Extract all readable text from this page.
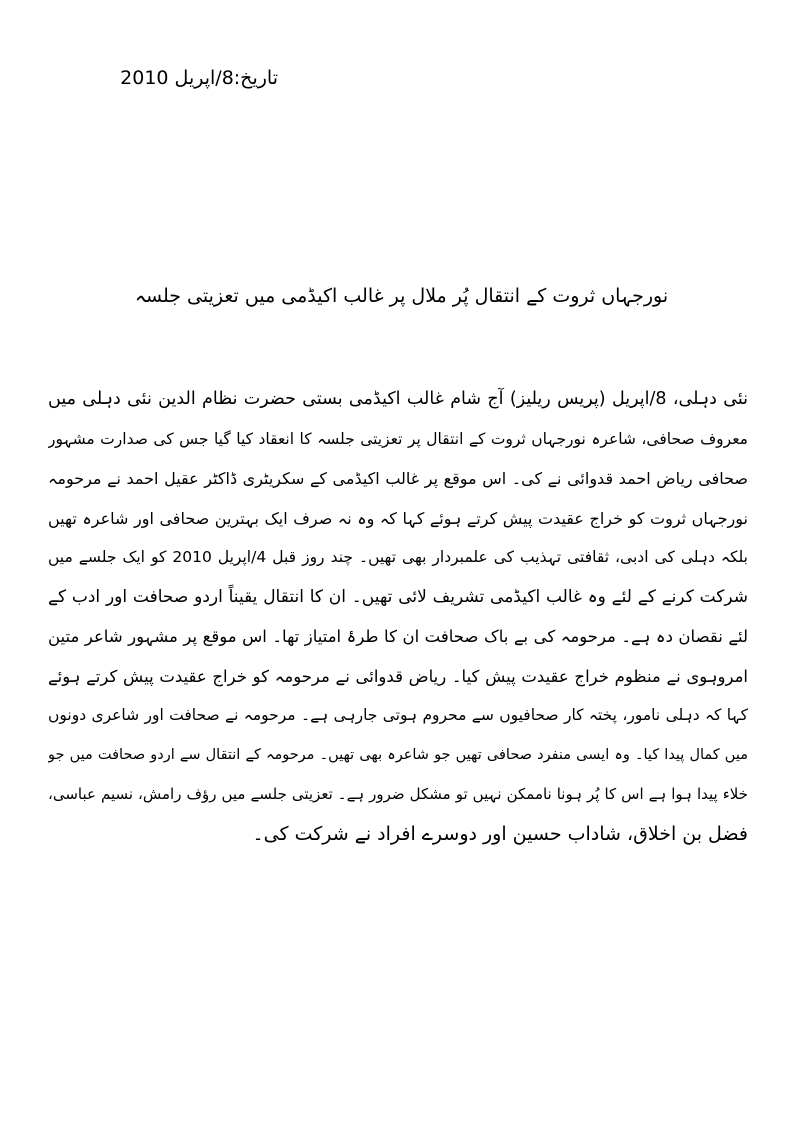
تاریخ:8/اپریل 2010
نورجہاں ثروت کے انتقال پُر ملال پر غالب اکیڈمی میں تعزیتی جلسہ
نئی دہلی، 8/اپریل (پریس ریلیز) آج شام غالب اکیڈمی بستی حضرت نظام الدین نئی دہلی میں
معروف صحافی، شاعرہ نورجہاں ثروت کے انتقال پر تعزیتی جلسہ کا انعقاد کیا گیا جس کی صدارت مشہور
صحافی ریاض احمد قدوائی نے کی۔ اس موقع پر غالب اکیڈمی کے سکریٹری ڈاکٹر عقیل احمد نے مرحومہ
نورجہاں ثروت کو خراج عقیدت پیش کرتے ہوئے کہا کہ وہ نہ صرف ایک بہترین صحافی اور شاعرہ تھیں
بلکہ دہلی کی ادبی، ثقافتی تہذیب کی علمبردار بھی تھیں۔ چند روز قبل 4/اپریل 2010 کو ایک جلسے میں
شرکت کرنے کے لئے وہ غالب اکیڈمی تشریف لائی تھیں۔ ان کا انتقال یقیناً اردو صحافت اور ادب کے
لئے نقصان دہ ہے۔ مرحومہ کی بے باک صحافت ان کا طرۂ امتیاز تھا۔ اس موقع پر مشہور شاعر متین
امروہوی نے منظوم خراج عقیدت پیش کیا۔ ریاض قدوائی نے مرحومہ کو خراج عقیدت پیش کرتے ہوئے
کہا کہ دہلی نامور، پختہ کار صحافیوں سے محروم ہوتی جارہی ہے۔ مرحومہ نے صحافت اور شاعری دونوں
میں کمال پیدا کیا۔ وہ ایسی منفرد صحافی تھیں جو شاعرہ بھی تھیں۔ مرحومہ کے انتقال سے اردو صحافت میں جو
خلاء پیدا ہوا ہے اس کا پُر ہونا ناممکن نہیں تو مشکل ضرور ہے۔ تعزیتی جلسے میں رؤف رامش، نسیم عباسی،
فضل بن اخلاق، شاداب حسین اور دوسرے افراد نے شرکت کی۔
